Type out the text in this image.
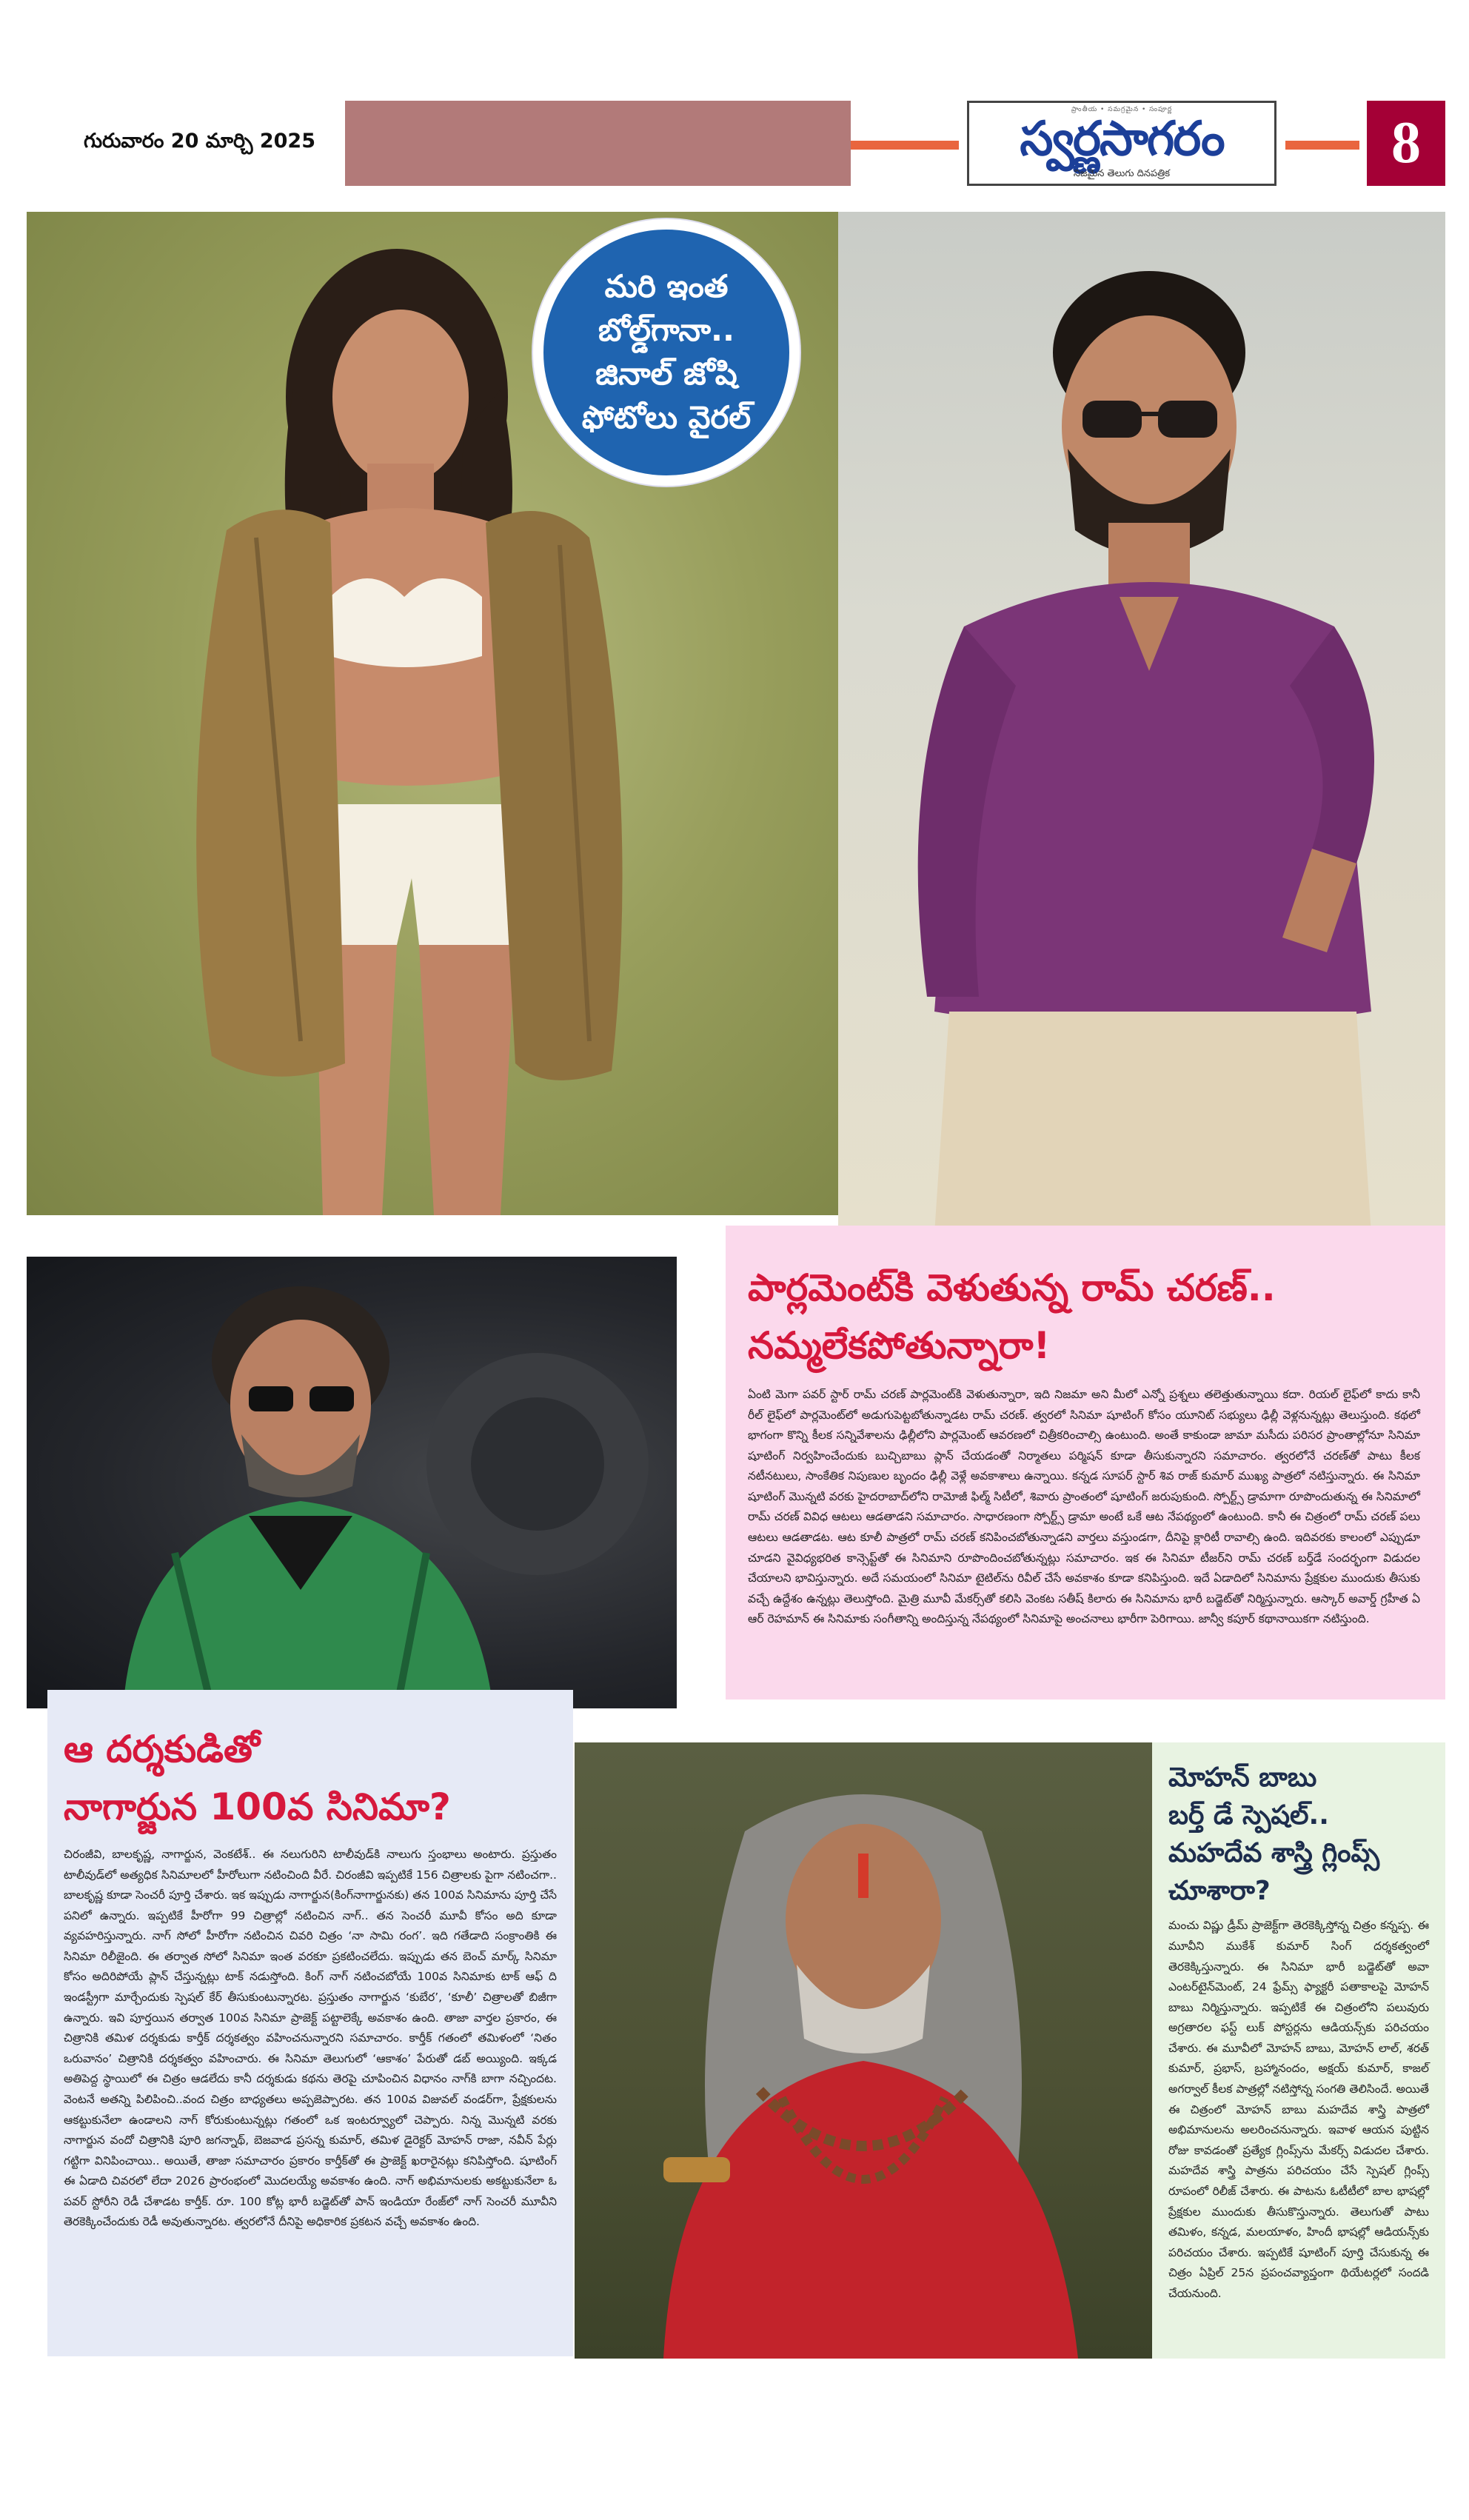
గురువారం 20 మార్చి 2025
ప్రాంతీయ • సమగ్రమైన • సంపూర్ణ
స్వర్ణసాగరం
నిజమైన తెలుగు దినపత్రిక	8
మరి ఇంత
బోల్డ్‌గానా..
జినాల్ జోషి
ఫోటోలు వైరల్
పార్లమెంట్‌కి వెళుతున్న రామ్ చరణ్..
నమ్మలేకపోతున్నారా!
ఏంటి మెగా పవర్ స్టార్ రామ్ చరణ్ పార్లమెంట్‌కి వెళుతున్నారా, ఇది నిజమా అని మీలో ఎన్నో ప్రశ్నలు తలెత్తుతున్నాయి కదా. రియల్ లైఫ్‌లో కాదు కానీ రీల్ లైఫ్‌లో పార్లమెంట్‌లో అడుగుపెట్టబోతున్నాడట రామ్ చరణ్. త్వరలో సినిమా షూటింగ్ కోసం యూనిట్ సభ్యులు ఢిల్లీ వెళ్లనున్నట్లు తెలుస్తుంది. కథలో భాగంగా కొన్ని కీలక సన్నివేశాలను ఢిల్లీలోని పార్లమెంట్ ఆవరణలో చిత్రీకరించాల్సి ఉంటుంది. అంతే కాకుండా జామా మసీదు పరిసర ప్రాంతాల్లోనూ సినిమా షూటింగ్ నిర్వహించేందుకు బుచ్చిబాబు ప్లాన్ చేయడంతో నిర్మాతలు పర్మిషన్ కూడా తీసుకున్నారని సమాచారం. త్వరలోనే చరణ్‌తో పాటు కీలక నటీనటులు, సాంకేతిక నిపుణుల బృందం ఢిల్లీ వెళ్లే అవకాశాలు ఉన్నాయి. కన్నడ సూపర్ స్టార్ శివ రాజ్ కుమార్ ముఖ్య పాత్రలో నటిస్తున్నారు. ఈ సినిమా షూటింగ్ మొన్నటి వరకు హైదరాబాద్‌లోని రామోజీ ఫిల్మ్ సిటీలో, శివారు ప్రాంతంలో షూటింగ్ జరుపుకుంది. స్పోర్ట్స్ డ్రామాగా రూపొందుతున్న ఈ సినిమాలో రామ్ చరణ్ వివిధ ఆటలు ఆడతాడని సమాచారం. సాధారణంగా స్పోర్ట్స్ డ్రామా అంటే ఒకే ఆట నేపథ్యంలో ఉంటుంది. కానీ ఈ చిత్రంలో రామ్ చరణ్ పలు ఆటలు ఆడతాడట. ఆట కూలీ పాత్రలో రామ్ చరణ్ కనిపించబోతున్నాడని వార్తలు వస్తుండగా, దీనిపై క్లారిటీ రావాల్సి ఉంది. ఇదివరకు కాలంలో ఎప్పుడూ చూడని వైవిధ్యభరిత కాన్సెప్ట్‌తో ఈ సినిమాని రూపొందించబోతున్నట్లు సమాచారం. ఇక ఈ సినిమా టీజర్‌ని రామ్ చరణ్ బర్త్‌డే సందర్భంగా విడుదల చేయాలని భావిస్తున్నారు. అదే సమయంలో సినిమా టైటిల్‌ను రివీల్ చేసే అవకాశం కూడా కనిపిస్తుంది. ఇదే ఏడాదిలో సినిమాను ప్రేక్షకుల ముందుకు తీసుకు వచ్చే ఉద్దేశం ఉన్నట్లు తెలుస్తోంది. మైత్రి మూవీ మేకర్స్‌తో కలిసి వెంకట సతీష్ కిలారు ఈ సినిమాను భారీ బడ్జెట్‌తో నిర్మిస్తున్నారు. ఆస్కార్ అవార్డ్ గ్రహీత ఏ ఆర్ రెహమాన్ ఈ సినిమాకు సంగీతాన్ని అందిస్తున్న నేపథ్యంలో సినిమాపై అంచనాలు భారీగా పెరిగాయి. జాన్వీ కపూర్ కథానాయికగా నటిస్తుంది.
ఆ దర్శకుడితో
నాగార్జున 100వ సినిమా?
చిరంజీవి, బాలకృష్ణ, నాగార్జున, వెంకటేశ్.. ఈ నలుగురిని టాలీవుడ్‌కి నాలుగు స్తంభాలు అంటారు. ప్రస్తుతం టాలీవుడ్‌లో అత్యధిక సినిమాలలో హీరోలుగా నటించింది వీరే. చిరంజీవి ఇప్పటికే 156 చిత్రాలకు పైగా నటించగా.. బాలకృష్ణ కూడా సెంచరీ పూర్తి చేశారు. ఇక ఇప్పుడు నాగార్జున(కింగ్‌నాగార్జునకు) తన 100వ సినిమాను పూర్తి చేసే పనిలో ఉన్నారు. ఇప్పటికే హీరోగా 99 చిత్రాల్లో నటించిన నాగ్.. తన సెంచరీ మూవీ కోసం అది కూడా వ్యవహరిస్తున్నారు. నాగ్ సోలో హీరోగా నటించిన చివరి చిత్రం ‘నా సామి రంగ’. ఇది గతేడాది సంక్రాంతికి ఈ సినిమా రిలీజైంది. ఈ తర్వాత సోలో సినిమా ఇంత వరకూ ప్రకటించలేదు. ఇప్పుడు తన బెంచ్ మార్క్ సినిమా కోసం అదిరిపోయే ప్లాన్ చేస్తున్నట్లు టాక్ నడుస్తోంది. కింగ్ నాగ్ నటించబోయే 100వ సినిమాకు టాక్ ఆఫ్ ది ఇండస్ట్రీగా మార్చేందుకు స్పెషల్ కేర్ తీసుకుంటున్నారట. ప్రస్తుతం నాగార్జున ‘కుబేర’, ‘కూలీ’ చిత్రాలతో బిజీగా ఉన్నారు. ఇవి పూర్తయిన తర్వాత 100వ సినిమా ప్రాజెక్ట్ పట్టాలెక్కే అవకాశం ఉంది. తాజా వార్తల ప్రకారం, ఈ చిత్రానికి తమిళ దర్శకుడు కార్తీక్ దర్శకత్వం వహించనున్నారని సమాచారం. కార్తీక్ గతంలో తమిళంలో ‘నితం ఒరువానం’ చిత్రానికి దర్శకత్వం వహించారు. ఈ సినిమా తెలుగులో ‘ఆకాశం’ పేరుతో డబ్ అయ్యింది. ఇక్కడ అతిపెద్ద స్థాయిలో ఈ చిత్రం ఆడలేదు కానీ దర్శకుడు కథను తెరపై చూపించిన విధానం నాగ్‌కి బాగా నచ్చిందట. వెంటనే అతన్ని పిలిపించి..వంద చిత్రం బాధ్యతలు అప్పజెప్పారట. తన 100వ విజువల్ వండర్‌గా, ప్రేక్షకులను ఆకట్టుకునేలా ఉండాలని నాగ్ కోరుకుంటున్నట్లు గతంలో ఒక ఇంటర్వ్యూలో చెప్పారు. నిన్న మొన్నటి వరకు నాగార్జున వందో చిత్రానికి పూరి జగన్నాథ్, బెజవాడ ప్రసన్న కుమార్, తమిళ డైరెక్టర్ మోహన్ రాజా, నవీన్ పేర్లు గట్టిగా వినిపించాయి.. అయితే, తాజా సమాచారం ప్రకారం కార్తీక్‌తో ఈ ప్రాజెక్ట్ ఖరారైనట్లు కనిపిస్తోంది. షూటింగ్ ఈ ఏడాది చివరలో లేదా 2026 ప్రారంభంలో మొదలయ్యే అవకాశం ఉంది. నాగ్ అభిమానులకు అకట్టుకునేలా ఓ పవర్ స్టోరీని రెడీ చేశాడట కార్తీక్. రూ. 100 కోట్ల భారీ బడ్జెట్‌తో పాన్ ఇండియా రేంజ్‌లో నాగ్ సెంచరీ మూవీని తెరకెక్కించేందుకు రెడీ అవుతున్నారట. త్వరలోనే దీనిపై అధికారిక ప్రకటన వచ్చే అవకాశం ఉంది.
మోహన్ బాబు
బర్త్ డే స్పెషల్..
మహదేవ శాస్త్రి గ్లింప్స్
చూశారా?
మంచు విష్ణు డ్రీమ్ ప్రాజెక్ట్‌గా తెరకెక్కిస్తోన్న చిత్రం కన్నప్ప. ఈ మూవీని ముకేశ్ కుమార్ సింగ్ దర్శకత్వంలో తెరకెక్కిస్తున్నారు. ఈ సినిమా భారీ బడ్జెట్‌తో అవా ఎంటర్‌టైన్‌మెంట్, 24 ఫ్రేమ్స్ ఫ్యాక్టరీ పతాకాలపై మోహన్ బాబు నిర్మిస్తున్నారు. ఇప్పటికే ఈ చిత్రంలోని పలువురు అగ్రతారల ఫస్ట్ లుక్ పోస్టర్లను ఆడియన్స్‌కు పరిచయం చేశారు. ఈ మూవీలో మోహన్ బాబు, మోహన్ లాల్, శరత్ కుమార్, ప్రభాస్, బ్రహ్మానందం, అక్షయ్ కుమార్, కాజల్ అగర్వాల్ కీలక పాత్రల్లో నటిస్తోన్న సంగతి తెలిసిందే. అయితే ఈ చిత్రంలో మోహన్ బాబు మహదేవ శాస్త్రి పాత్రలో అభిమానులను అలరించనున్నారు. ఇవాళ ఆయన పుట్టిన రోజు కావడంతో ప్రత్యేక గ్లింప్స్‌ను మేకర్స్ విడుదల చేశారు. మహదేవ శాస్త్రి పాత్రను పరిచయం చేసే స్పెషల్ గ్లింప్స్ రూపంలో రిలీజ్ చేశారు. ఈ పాటను ఓటీటీలో బాల భాషల్లో ప్రేక్షకుల ముందుకు తీసుకొస్తున్నారు. తెలుగుతో పాటు తమిళం, కన్నడ, మలయాళం, హిందీ భాషల్లో ఆడియన్స్‌కు పరిచయం చేశారు. ఇప్పటికే షూటింగ్ పూర్తి చేసుకున్న ఈ చిత్రం ఏప్రిల్ 25న ప్రపంచవ్యాప్తంగా థియేటర్లలో సందడి చేయనుంది.
